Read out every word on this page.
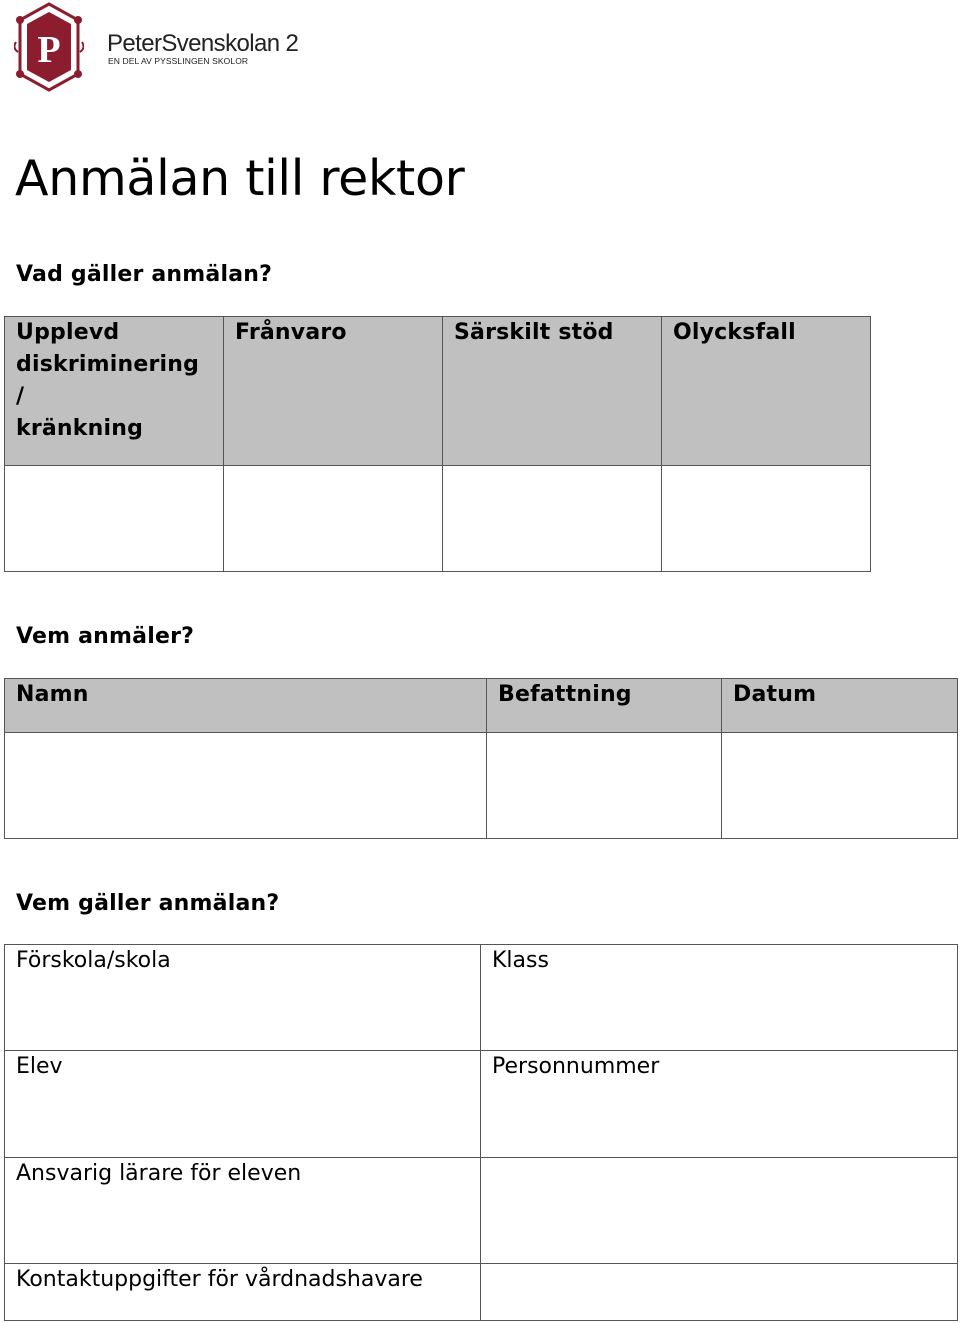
P PeterSvenskolan 2
EN DEL AV PYSSLINGEN SKOLOR
Anmälan till rektor

Vad gäller anmälan?

Upplevd
diskriminering
/
kränkning	Frånvaro	Särskilt stöd	Olycksfall

Vem anmäler?

Namn	Befattning	Datum

Vem gäller anmälan?

Förskola/skola	Klass
Elev	Personnummer
Ansvarig lärare för eleven	
Kontaktuppgifter för vårdnadshavare	
